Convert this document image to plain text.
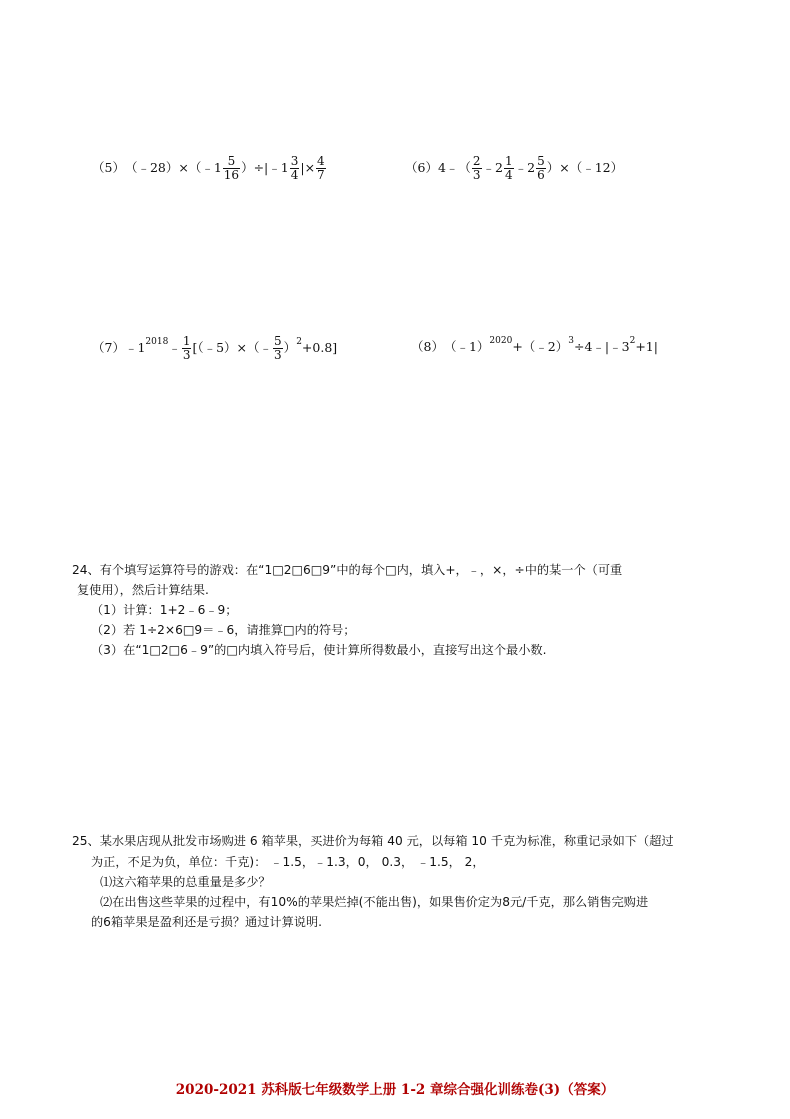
（5） （﹣28）×（﹣1 $\frac{5}{16}$ ）÷|﹣1 $\frac{3}{4}$ |× $\frac{4}{7}$	（6） 4﹣（ $\frac{2}{3}$ ﹣2 $\frac{1}{4}$ ﹣2 $\frac{5}{6}$ ）×（﹣12）
（7） ﹣1 2018 ﹣ $\frac{1}{3}$ [（﹣5）×（﹣ $\frac{5}{3}$ ） 2 +0.8]	（8） （﹣1） 2020 +（﹣2） 3 ÷4﹣|﹣3 2 +1|
24、有个填写运算符号的游戏：在“1□2□6□9”中的每个□内，填入+，﹣，×，÷中的某一个（可重
复使用），然后计算结果.
（1）计算：1+2﹣6﹣9；
（2）若 1÷2×6□9＝﹣6，请推算□内的符号；
（3）在“1□2□6﹣9”的□内填入符号后，使计算所得数最小，直接写出这个最小数.
25、某水果店现从批发市场购进 6 箱苹果，买进价为每箱 40 元，以每箱 10 千克为标准，称重记录如下（超过
为正，不足为负，单位：千克)： ﹣1.5，﹣1.3，0， 0.3， ﹣1.5， 2，
⑴这六箱苹果的总重量是多少？
⑵在出售这些苹果的过程中，有10%的苹果烂掉(不能出售)，如果售价定为8元/千克，那么销售完购进
的6箱苹果是盈利还是亏损？通过计算说明.
2020-2021 苏科版七年级数学上册 1-2 章综合强化训练卷(3)（答案）
